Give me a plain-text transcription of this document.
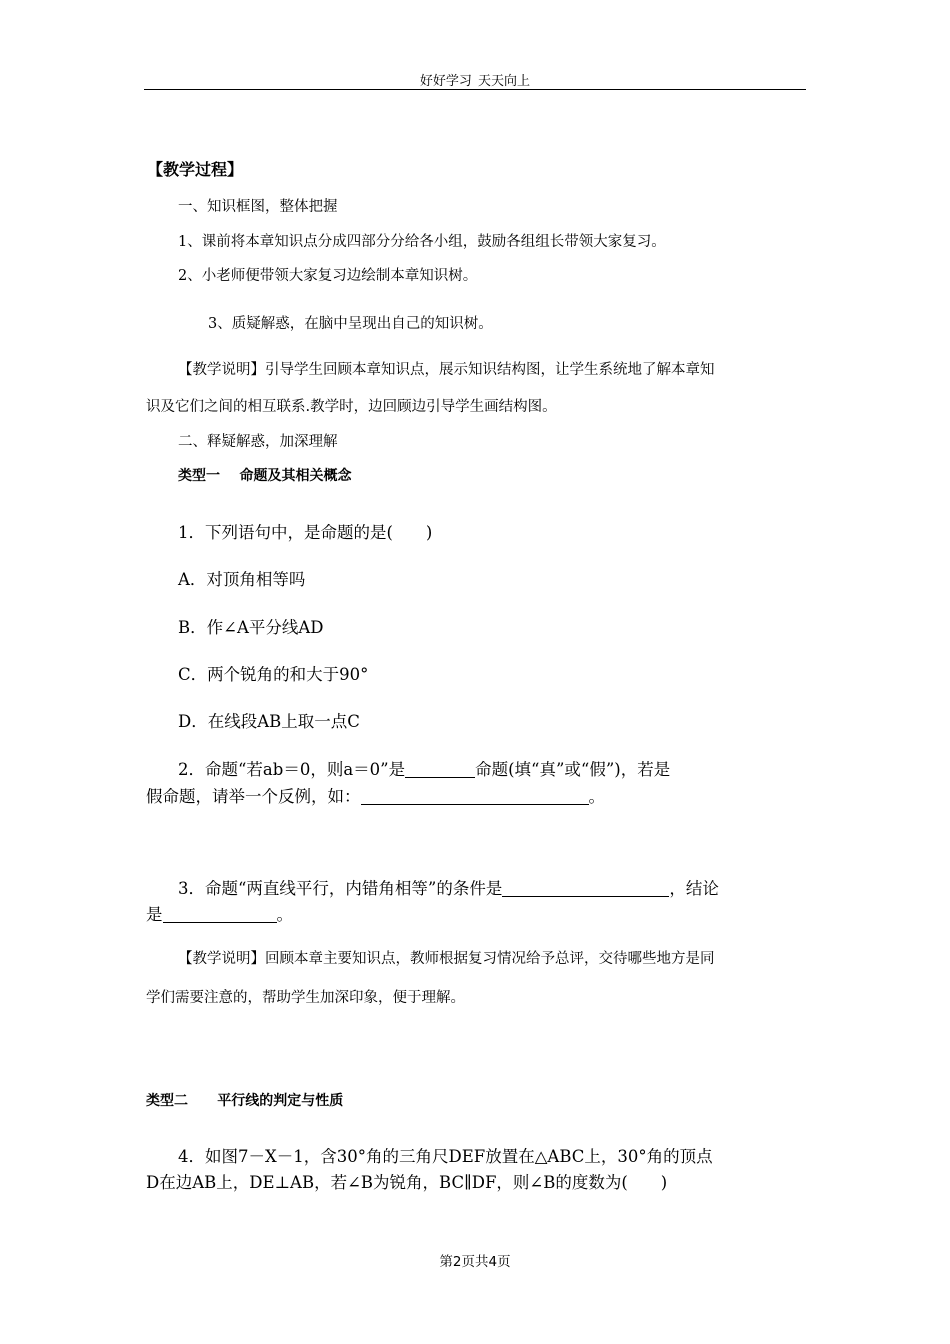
好好学习 天天向上
【教学过程】
一、知识框图，整体把握
1、课前将本章知识点分成四部分分给各小组，鼓励各组组长带领大家复习。
2、小老师便带领大家复习边绘制本章知识树。
3、质疑解惑，在脑中呈现出自己的知识树。
【教学说明】引导学生回顾本章知识点，展示知识结构图，让学生系统地了解本章知
识及它们之间的相互联系.教学时，边回顾边引导学生画结构图。
二、释疑解惑，加深理解
类型一    命题及其相关概念
1．下列语句中，是命题的是(　　)
A．对顶角相等吗
B．作∠A平分线AD
C．两个锐角的和大于90°
D．在线段AB上取一点C
2．命题“若ab＝0，则a＝0”是	命题(填“真”或“假”)，若是
假命题，请举一个反例，如：	。
3．命题“两直线平行，内错角相等”的条件是	，结论
是	。
【教学说明】回顾本章主要知识点，教师根据复习情况给予总评，交待哪些地方是同
学们需要注意的，帮助学生加深印象，便于理解。
类型二      平行线的判定与性质
4．如图7－X－1，含30°角的三角尺DEF放置在△ABC上，30°角的顶点
D在边AB上，DE⊥AB，若∠B为锐角，BC∥DF，则∠B的度数为(　　)
第2页共4页
